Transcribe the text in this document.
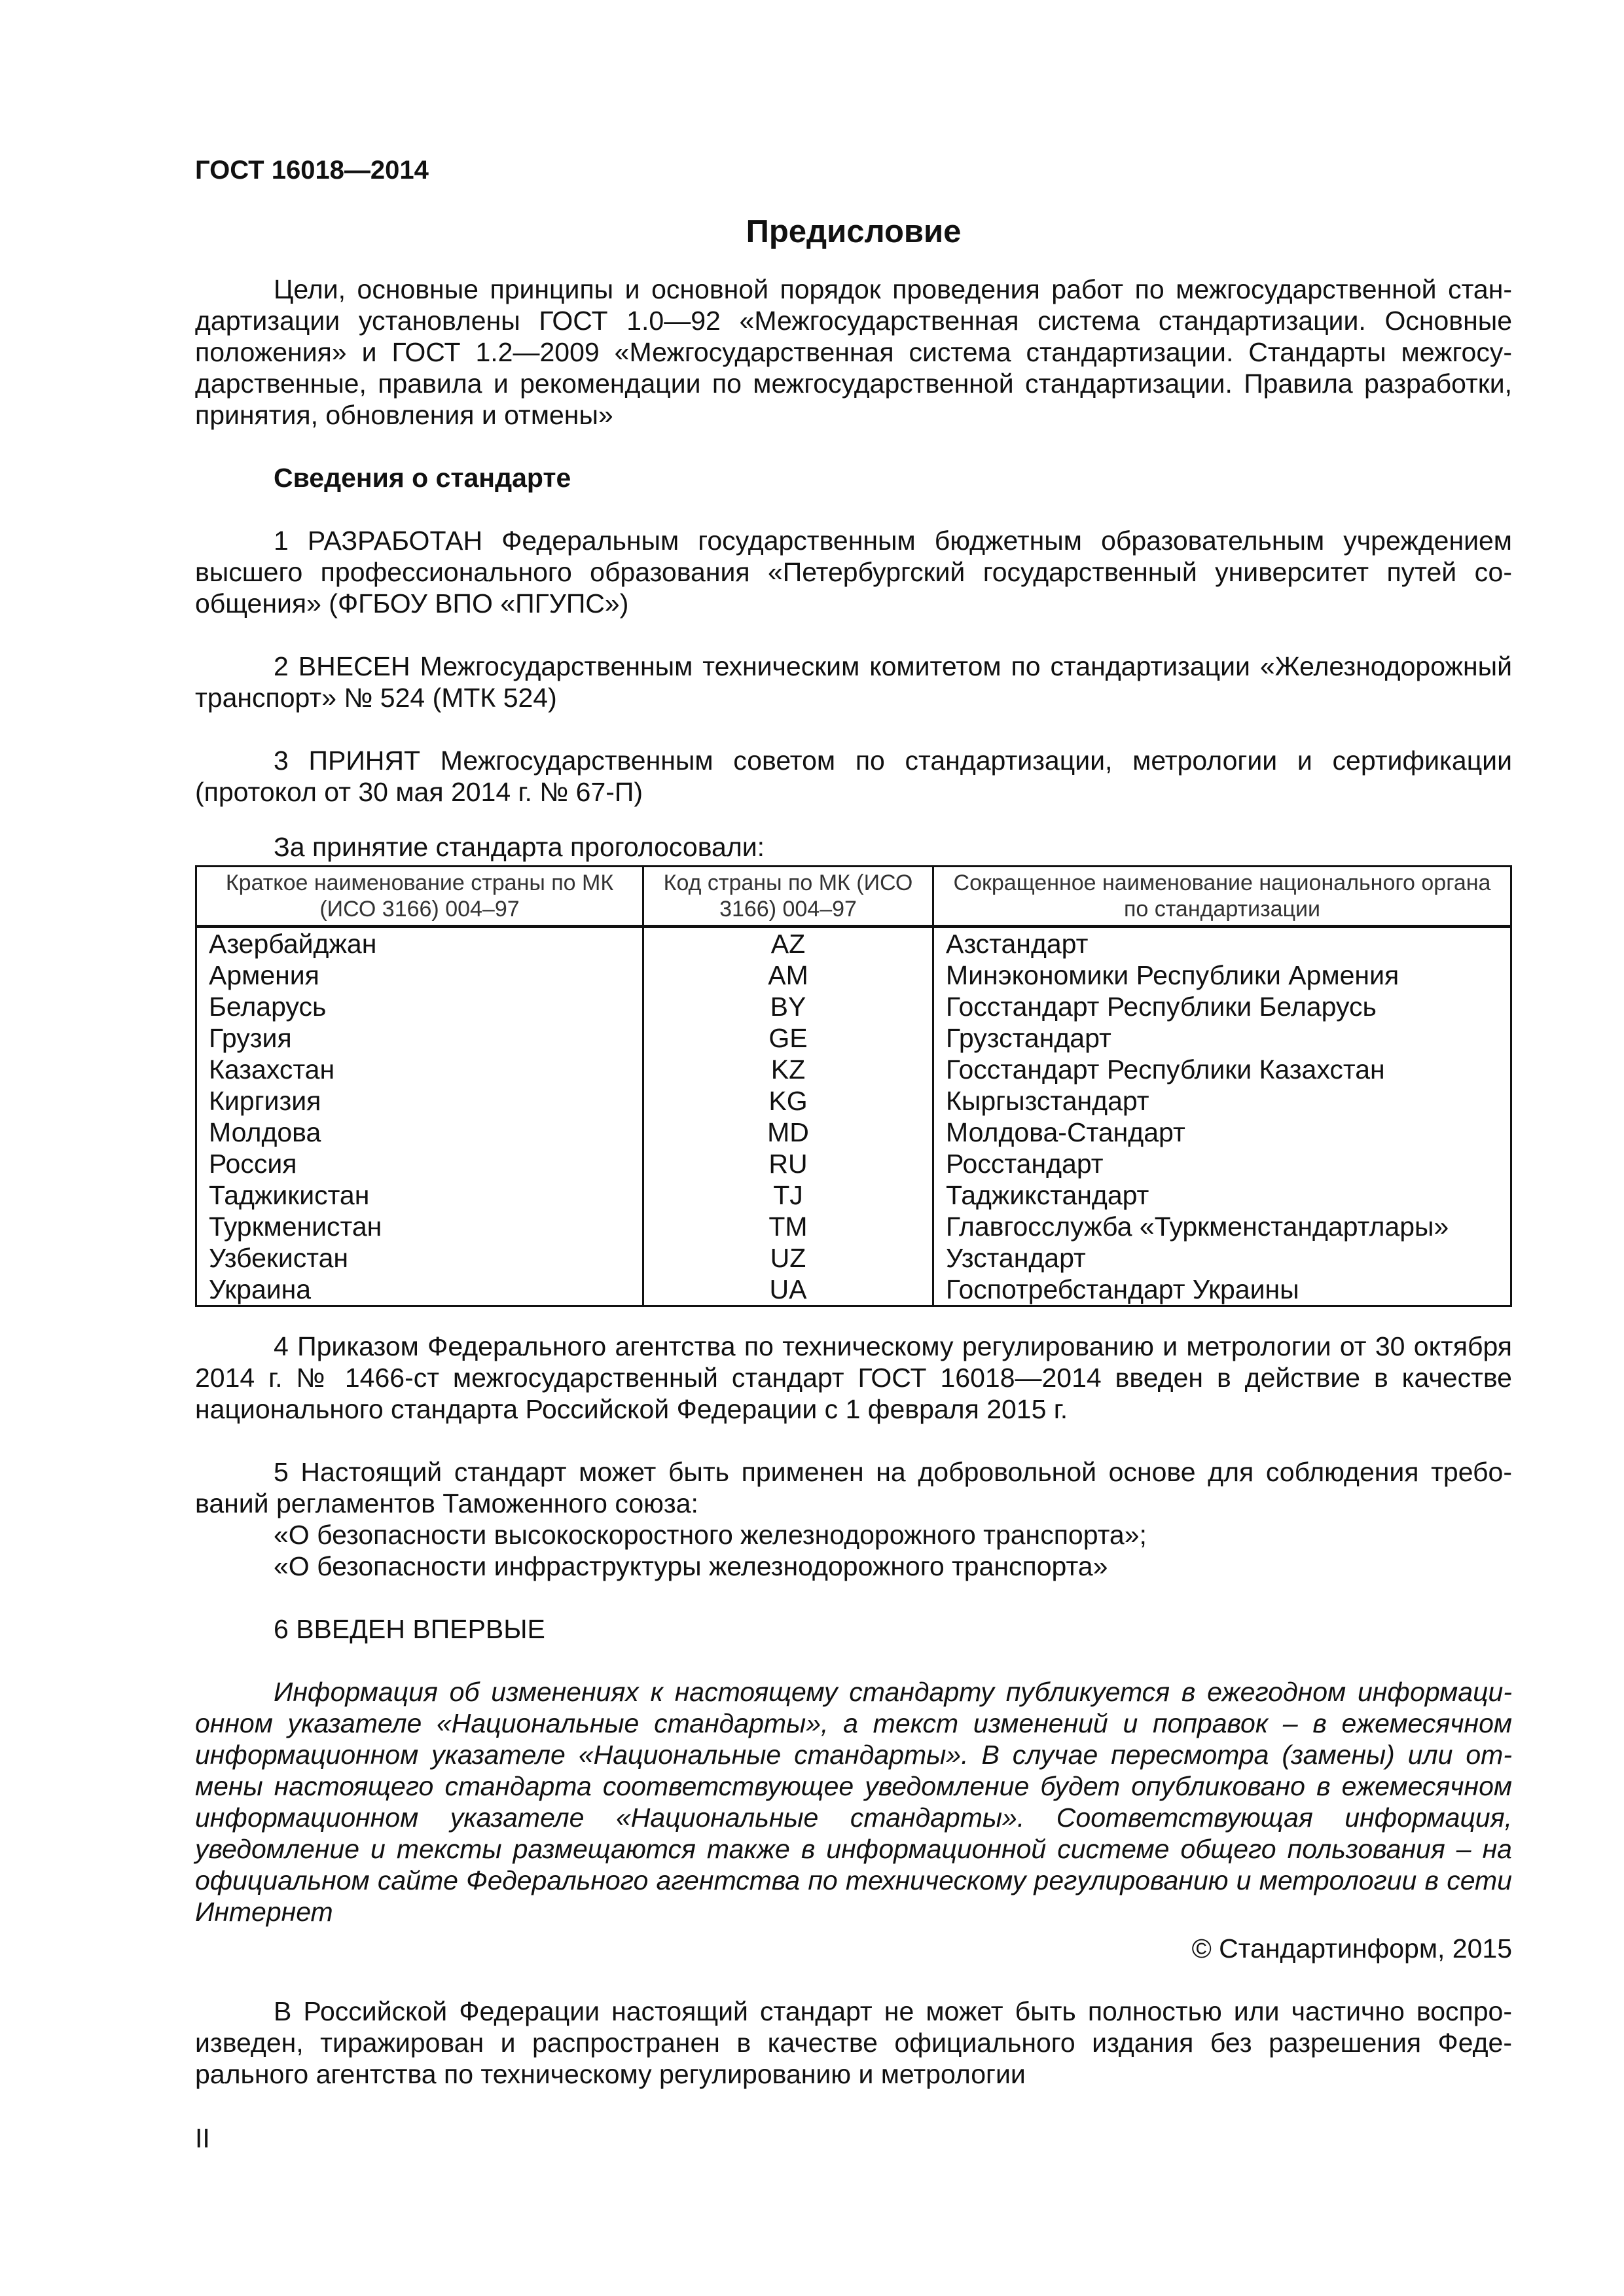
ГОСТ 16018—2014
Предисловие

Цели, основные принципы и основной порядок проведения работ по межгосударственной стандартизации установлены ГОСТ 1.0—92 «Межгосударственная система стандартизации. Основные положения» и ГОСТ 1.2—2009 «Межгосударственная система стандартизации. Стандарты межгосударственные, правила и рекомендации по межгосударственной стандартизации. Правила разработки, принятия, обновления и отмены»

Сведения о стандарте

1 РАЗРАБОТАН Федеральным государственным бюджетным образовательным учреждением высшего профессионального образования «Петербургский государственный университет путей сообщения» (ФГБОУ ВПО «ПГУПС»)

2 ВНЕСЕН Межгосударственным техническим комитетом по стандартизации «Железнодорожный транспорт» № 524 (МТК 524)

3 ПРИНЯТ Межгосударственным советом по стандартизации, метрологии и сертификации (протокол от 30 мая 2014 г. № 67-П)

За принятие стандарта проголосовали:

Краткое наименование страны по МК (ИСО 3166) 004–97	Код страны по МК (ИСО 3166) 004–97	Сокращенное наименование национального органа по стандартизации
Азербайджан	AZ	Азстандарт
Армения	AM	Минэкономики Республики Армения
Беларусь	BY	Госстандарт Республики Беларусь
Грузия	GE	Грузстандарт
Казахстан	KZ	Госстандарт Республики Казахстан
Киргизия	KG	Кыргызстандарт
Молдова	MD	Молдова-Стандарт
Россия	RU	Росстандарт
Таджикистан	TJ	Таджикстандарт
Туркменистан	TM	Главгосслужба «Туркменстандартлары»
Узбекистан	UZ	Узстандарт
Украина	UA	Госпотребстандарт Украины

4 Приказом Федерального агентства по техническому регулированию и метрологии от 30 октября 2014 г. № 1466-ст межгосударственный стандарт ГОСТ 16018—2014 введен в действие в качестве национального стандарта Российской Федерации с 1 февраля 2015 г.

5 Настоящий стандарт может быть применен на добровольной основе для соблюдения требований регламентов Таможенного союза:

«О безопасности высокоскоростного железнодорожного транспорта»;

«О безопасности инфраструктуры железнодорожного транспорта»

6 ВВЕДЕН ВПЕРВЫЕ

Информация об изменениях к настоящему стандарту публикуется в ежегодном информационном указателе «Национальные стандарты», а текст изменений и поправок – в ежемесячном информационном указателе «Национальные стандарты». В случае пересмотра (замены) или отмены настоящего стандарта соответствующее уведомление будет опубликовано в ежемесячном информационном указателе «Национальные стандарты». Соответствующая информация, уведомление и тексты размещаются также в информационной системе общего пользования – на официальном сайте Федерального агентства по техническому регулированию и метрологии в сети Интернет

© Стандартинформ, 2015

В Российской Федерации настоящий стандарт не может быть полностью или частично воспроизведен, тиражирован и распространен в качестве официального издания без разрешения Федерального агентства по техническому регулированию и метрологии

II
